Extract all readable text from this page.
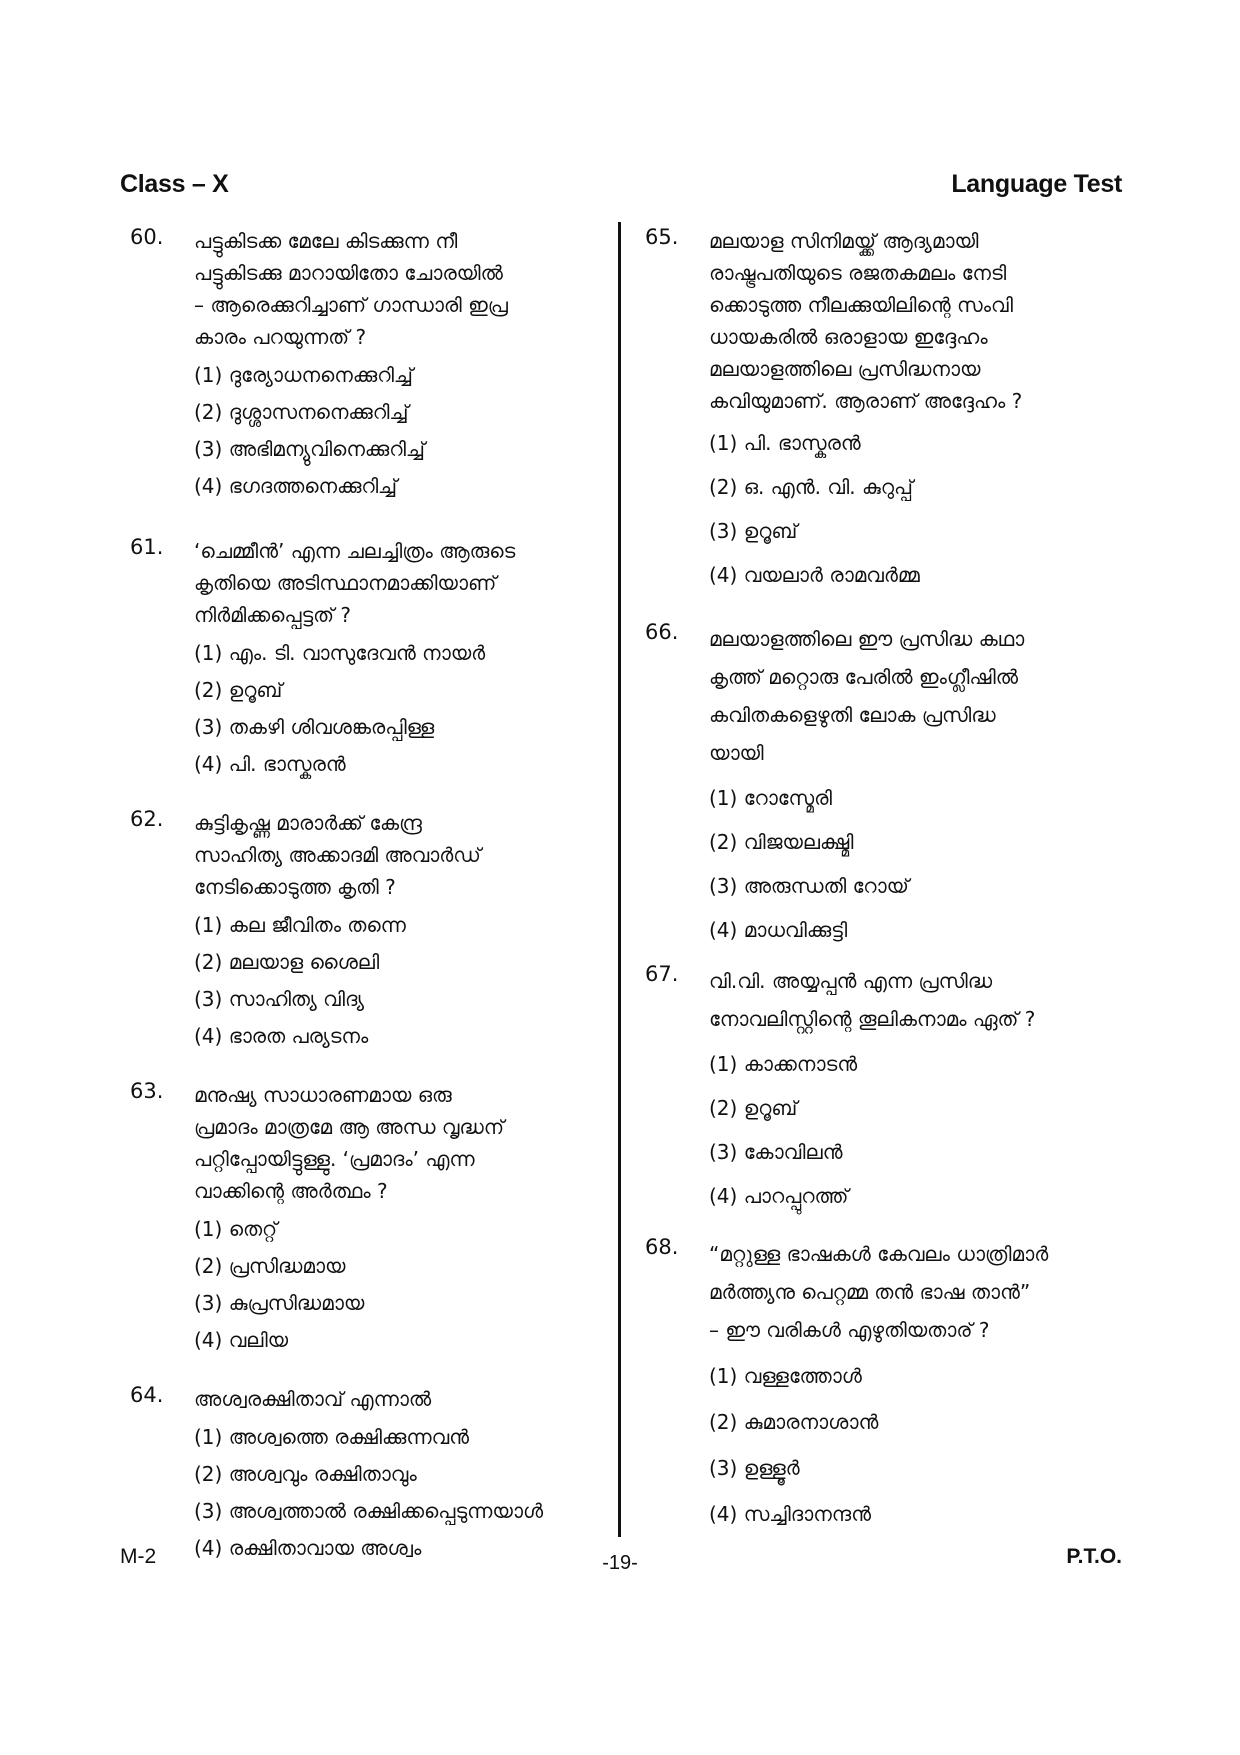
Class – X	Language Test
60. പട്ടുകിടക്ക മേലേ കിടക്കുന്ന നീ
പട്ടുകിടക്കു മാറായിതോ ചോരയിൽ
– ആരെക്കുറിച്ചാണ് ഗാന്ധാരി ഇപ്ര
കാരം പറയുന്നത് ?
(1) ദുര്യോധനനെക്കുറിച്ച്
(2) ദുശ്ശാസനനെക്കുറിച്ച്
(3) അഭിമന്യുവിനെക്കുറിച്ച്
(4) ഭഗദത്തനെക്കുറിച്ച്
61. ‘ചെമ്മീൻ’ എന്ന ചലച്ചിത്രം ആരുടെ
കൃതിയെ അടിസ്ഥാനമാക്കിയാണ്
നിർമിക്കപ്പെട്ടത് ?
(1) എം. ടി. വാസുദേവൻ നായർ
(2) ഉറൂബ്
(3) തകഴി ശിവശങ്കരപ്പിള്ള
(4) പി. ഭാസ്കരൻ
62. കുട്ടികൃഷ്ണ മാരാർക്ക് കേന്ദ്ര
സാഹിത്യ അക്കാദമി അവാർഡ്
നേടിക്കൊടുത്ത കൃതി ?
(1) കല ജീവിതം തന്നെ
(2) മലയാള ശൈലി
(3) സാഹിത്യ വിദ്യ
(4) ഭാരത പര്യടനം
63. മനുഷ്യ സാധാരണമായ ഒരു
പ്രമാദം മാത്രമേ ആ അന്ധ വൃദ്ധന്
പറ്റിപ്പോയിട്ടുള്ളു. ‘പ്രമാദം’ എന്ന
വാക്കിന്റെ അർത്ഥം ?
(1) തെറ്റ്
(2) പ്രസിദ്ധമായ
(3) കുപ്രസിദ്ധമായ
(4) വലിയ
64. അശ്വരക്ഷിതാവ് എന്നാൽ
(1) അശ്വത്തെ രക്ഷിക്കുന്നവൻ
(2) അശ്വവും രക്ഷിതാവും
(3) അശ്വത്താൽ രക്ഷിക്കപ്പെടുന്നയാൾ
(4) രക്ഷിതാവായ അശ്വം
65. മലയാള സിനിമയ്ക്ക് ആദ്യമായി
രാഷ്ട്രപതിയുടെ രജതകമലം നേടി
ക്കൊടുത്ത നീലക്കുയിലിന്റെ സംവി
ധായകരിൽ ഒരാളായ ഇദ്ദേഹം
മലയാളത്തിലെ പ്രസിദ്ധനായ
കവിയുമാണ്. ആരാണ് അദ്ദേഹം ?
(1) പി. ഭാസ്കരൻ
(2) ഒ. എൻ. വി. കുറുപ്പ്
(3) ഉറൂബ്
(4) വയലാർ രാമവർമ്മ
മലയാളത്തിലെ ഈ പ്രസിദ്ധ കഥാ
കൃത്ത് മറ്റൊരു പേരിൽ ഇംഗ്ലീഷിൽ
കവിതകളെഴുതി ലോക പ്രസിദ്ധ
യായി
66.
(1) റോസ്മേരി
(2) വിജയലക്ഷ്മി
(3) അരുന്ധതി റോയ്
(4) മാധവിക്കുട്ടി
67. വി.വി. അയ്യപ്പൻ എന്ന പ്രസിദ്ധ
നോവലിസ്റ്റിന്റെ തൂലികനാമം ഏത് ?
(1) കാക്കനാടൻ
(2) ഉറൂബ്
(3) കോവിലൻ
(4) പാറപ്പുറത്ത്
68. “മറ്റുള്ള ഭാഷകൾ കേവലം ധാത്രിമാർ
മർത്ത്യനു പെറ്റമ്മ തൻ ഭാഷ താൻ”
– ഈ വരികൾ എഴുതിയതാര് ?
(1) വള്ളത്തോൾ
(2) കുമാരനാശാൻ
(3) ഉള്ളൂർ
(4) സച്ചിദാനന്ദൻ
M-2	-19-	P.T.O.
